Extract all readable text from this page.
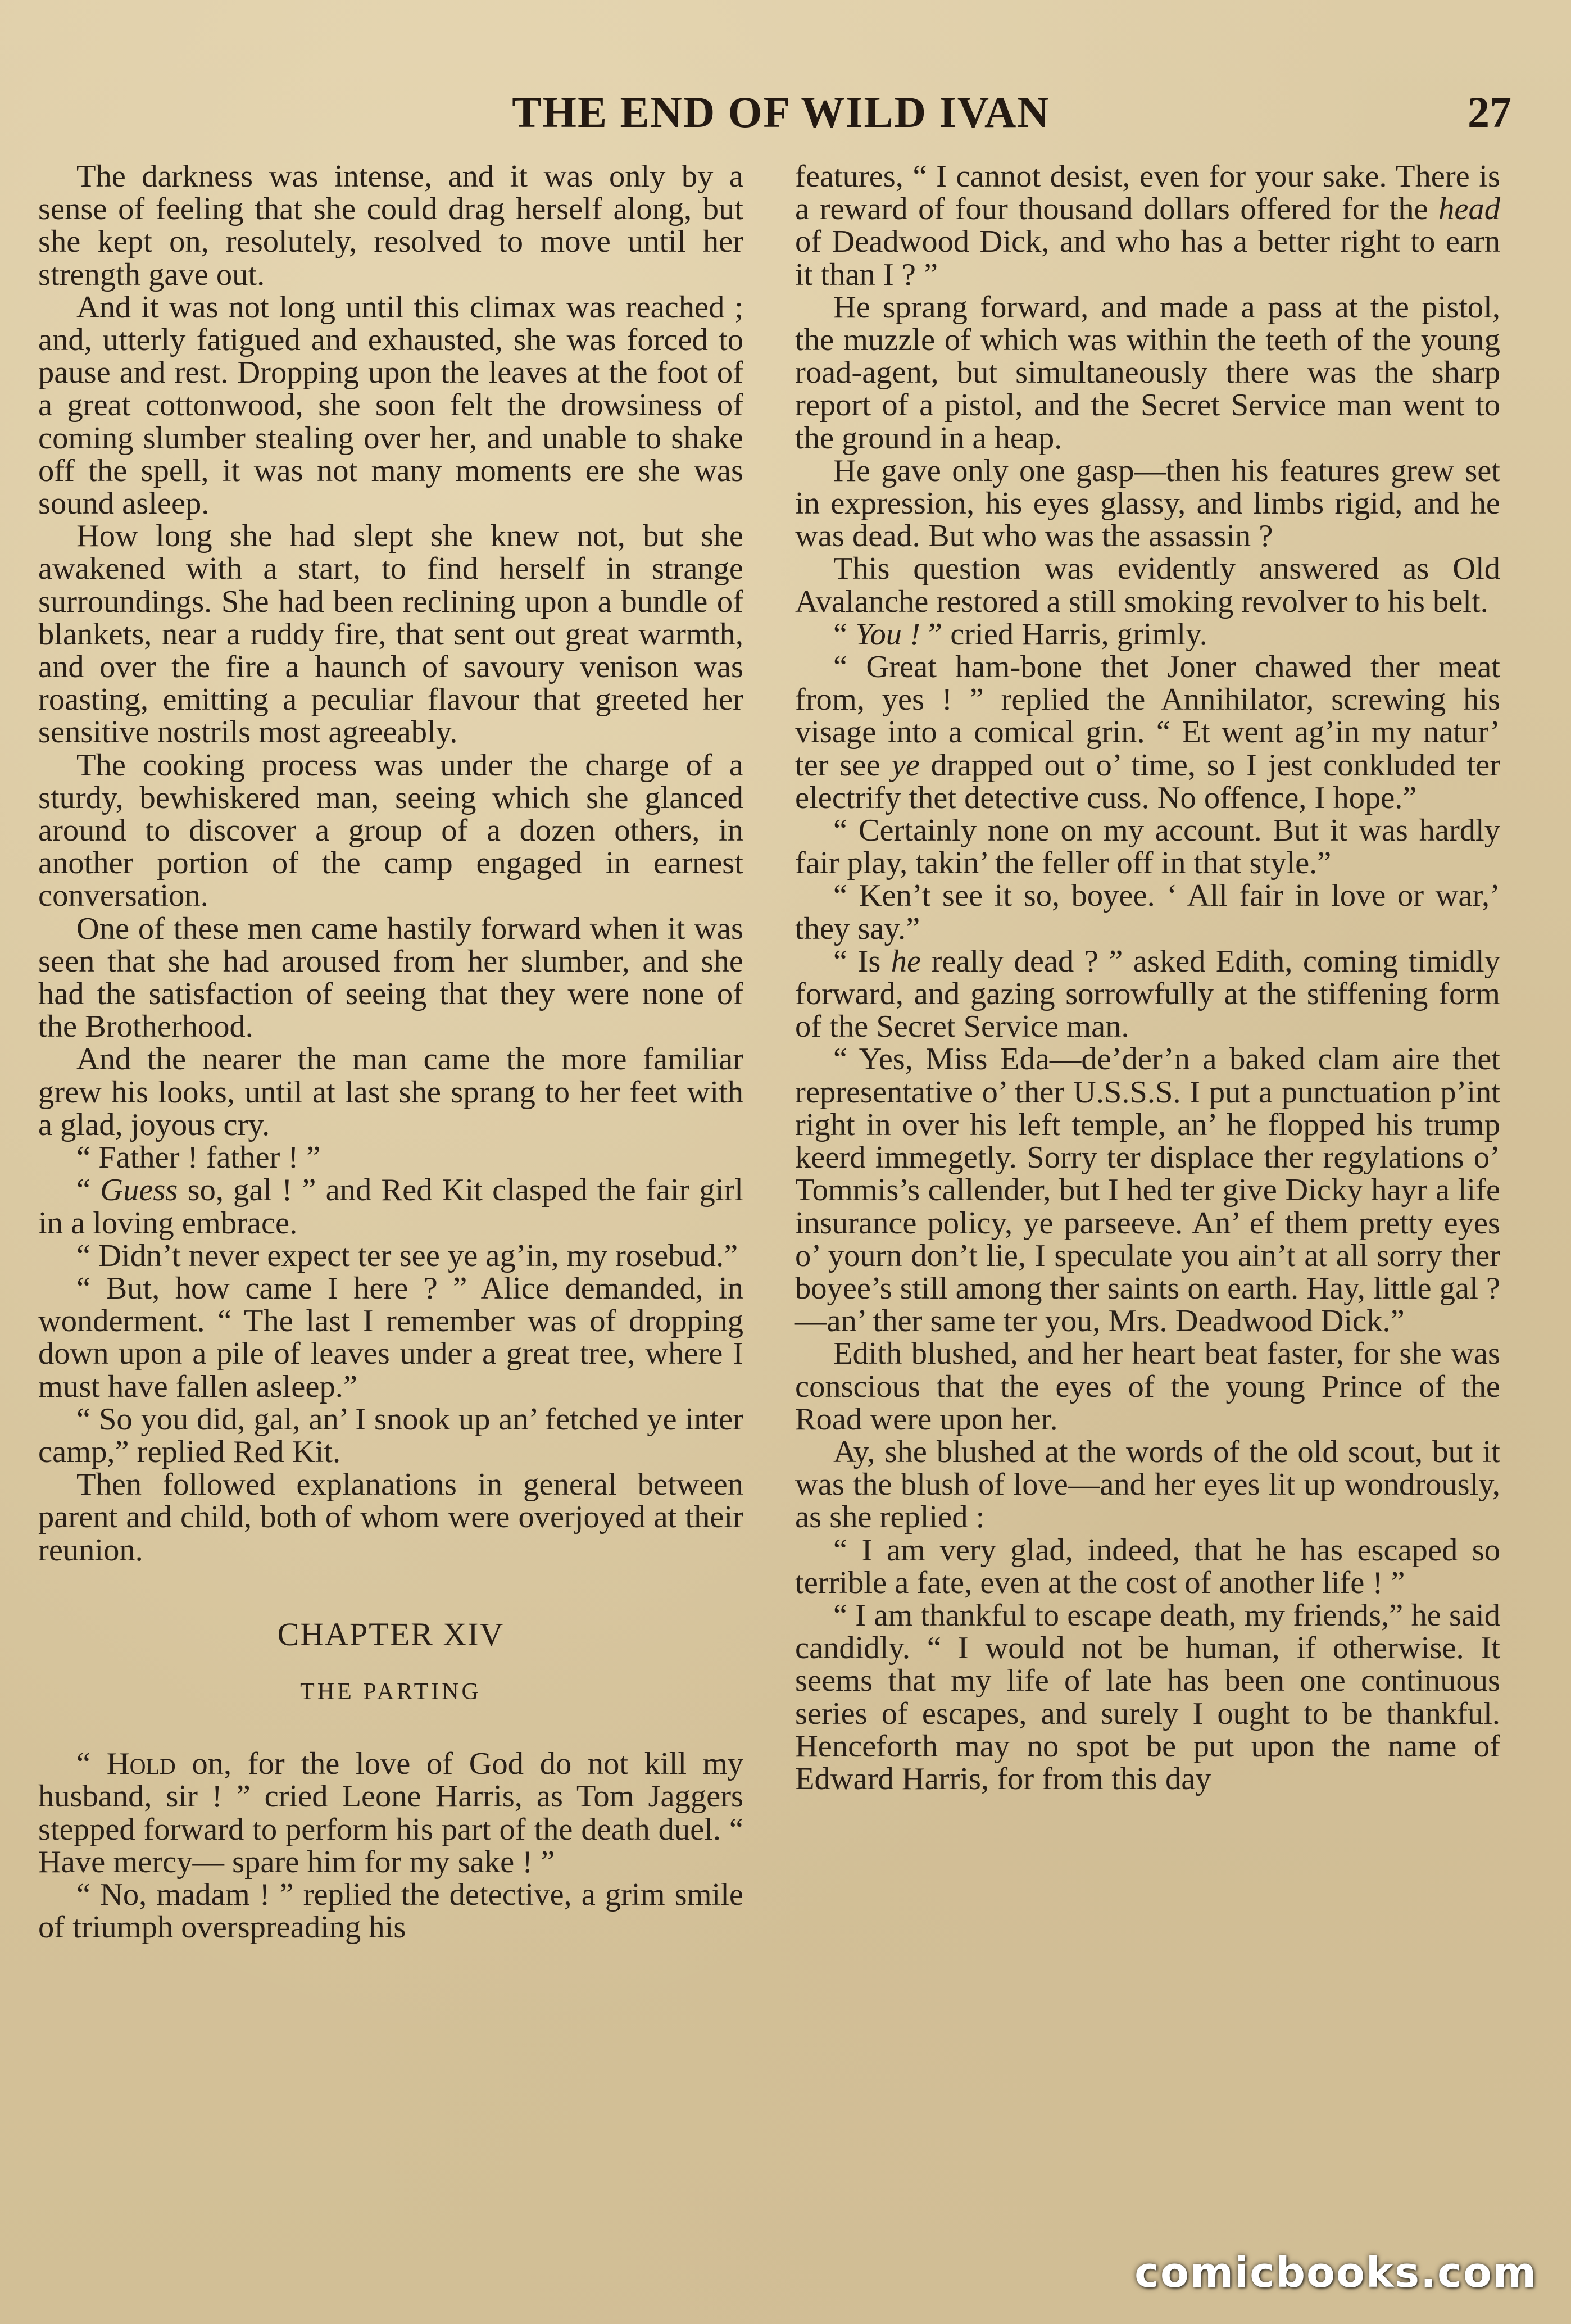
THE END OF WILD IVAN	27

The darkness was intense, and it was only by a sense of feeling that she could drag herself along, but she kept on, resolutely, resolved to move until her strength gave out.

And it was not long until this climax was reached ; and, utterly fatigued and exhausted, she was forced to pause and rest. Dropping upon the leaves at the foot of a great cottonwood, she soon felt the drowsiness of coming slumber stealing over her, and unable to shake off the spell, it was not many moments ere she was sound asleep.

How long she had slept she knew not, but she awakened with a start, to find herself in strange surroundings. She had been reclining upon a bundle of blankets, near a ruddy fire, that sent out great warmth, and over the fire a haunch of savoury venison was roasting, emitting a peculiar flavour that greeted her sensitive nostrils most agreeably.

The cooking process was under the charge of a sturdy, bewhiskered man, seeing which she glanced around to discover a group of a dozen others, in another portion of the camp engaged in earnest conversation.

One of these men came hastily forward when it was seen that she had aroused from her slumber, and she had the satisfaction of seeing that they were none of the Brotherhood.

And the nearer the man came the more familiar grew his looks, until at last she sprang to her feet with a glad, joyous cry.

“ Father ! father ! ”

“ Guess so, gal ! ” and Red Kit clasped the fair girl in a loving embrace.

“ Didn’t never expect ter see ye ag’in, my rosebud.”

“ But, how came I here ? ” Alice demanded, in wonderment. “ The last I remember was of dropping down upon a pile of leaves under a great tree, where I must have fallen asleep.”

“ So you did, gal, an’ I snook up an’ fetched ye inter camp,” replied Red Kit.

Then followed explanations in general between parent and child, both of whom were overjoyed at their reunion.

CHAPTER XIV
THE PARTING

“ Hold on, for the love of God do not kill my husband, sir ! ” cried Leone Harris, as Tom Jaggers stepped forward to perform his part of the death duel. “ Have mercy— spare him for my sake ! ”

“ No, madam ! ” replied the detective, a grim smile of triumph overspreading his

features, “ I cannot desist, even for your sake. There is a reward of four thousand dollars offered for the head of Deadwood Dick, and who has a better right to earn it than I ? ”

He sprang forward, and made a pass at the pistol, the muzzle of which was within the teeth of the young road-agent, but simultaneously there was the sharp report of a pistol, and the Secret Service man went to the ground in a heap.

He gave only one gasp—then his features grew set in expression, his eyes glassy, and limbs rigid, and he was dead. But who was the assassin ?

This question was evidently answered as Old Avalanche restored a still smoking revolver to his belt.

“ You ! ” cried Harris, grimly.

“ Great ham-bone thet Joner chawed ther meat from, yes ! ” replied the Annihilator, screwing his visage into a comical grin. “ Et went ag’in my natur’ ter see ye drapped out o’ time, so I jest conkluded ter electrify thet detective cuss. No offence, I hope.”

“ Certainly none on my account. But it was hardly fair play, takin’ the feller off in that style.”

“ Ken’t see it so, boyee. ‘ All fair in love or war,’ they say.”

“ Is he really dead ? ” asked Edith, coming timidly forward, and gazing sorrowfully at the stiffening form of the Secret Service man.

“ Yes, Miss Eda—de’der’n a baked clam aire thet representative o’ ther U.S.S.S. I put a punctuation p’int right in over his left temple, an’ he flopped his trump keerd immegetly. Sorry ter displace ther regylations o’ Tommis’s callender, but I hed ter give Dicky hayr a life insurance policy, ye parseeve. An’ ef them pretty eyes o’ yourn don’t lie, I speculate you ain’t at all sorry ther boyee’s still among ther saints on earth. Hay, little gal ?—an’ ther same ter you, Mrs. Deadwood Dick.”

Edith blushed, and her heart beat faster, for she was conscious that the eyes of the young Prince of the Road were upon her.

Ay, she blushed at the words of the old scout, but it was the blush of love—and her eyes lit up wondrously, as she replied :

“ I am very glad, indeed, that he has escaped so terrible a fate, even at the cost of another life ! ”

“ I am thankful to escape death, my friends,” he said candidly. “ I would not be human, if otherwise. It seems that my life of late has been one continuous series of escapes, and surely I ought to be thankful. Henceforth may no spot be put upon the name of Edward Harris, for from this day

comicbooks.com
